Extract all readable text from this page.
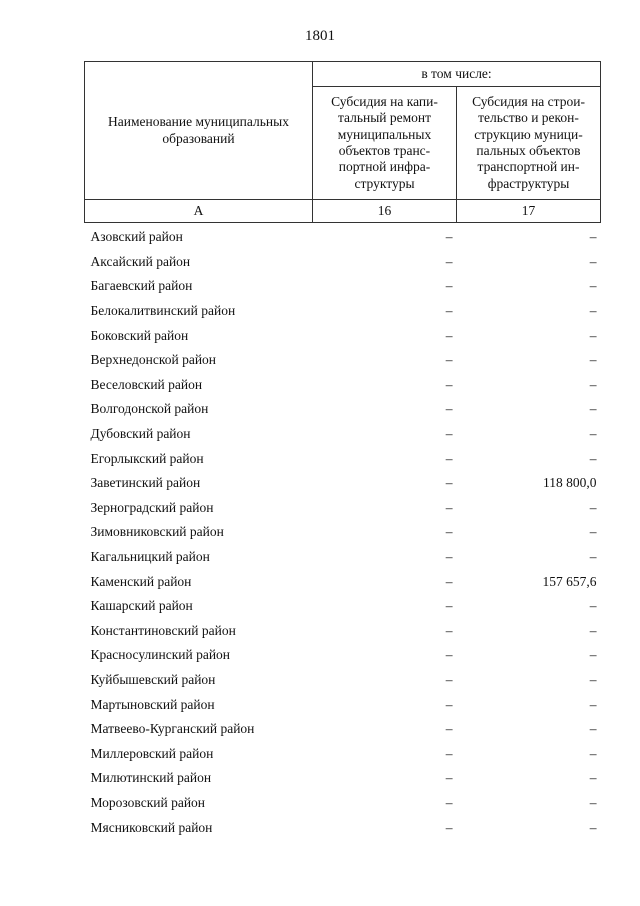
1801
Наименование муниципальных образований	в том числе:	
	Субсидия на капи-тальный ремонт муниципальных объектов транс-портной инфра-структуры	Субсидия на строи-тельство и рекон-струкцию муници-пальных объектов транспортной ин-фраструктуры
А	16	17

Азовский район	–	–
Аксайский район	–	–
Багаевский район	–	–
Белокалитвинский район	–	–
Боковский район	–	–
Верхнедонской район	–	–
Веселовский район	–	–
Волгодонской район	–	–
Дубовский район	–	–
Егорлыкский район	–	–
Заветинский район	–	118 800,0
Зерноградский район	–	–
Зимовниковский район	–	–
Кагальницкий район	–	–
Каменский район	–	157 657,6
Кашарский район	–	–
Константиновский район	–	–
Красносулинский район	–	–
Куйбышевский район	–	–
Мартыновский район	–	–
Матвеево-Курганский район	–	–
Миллеровский район	–	–
Милютинский район	–	–
Морозовский район	–	–
Мясниковский район	–	–
